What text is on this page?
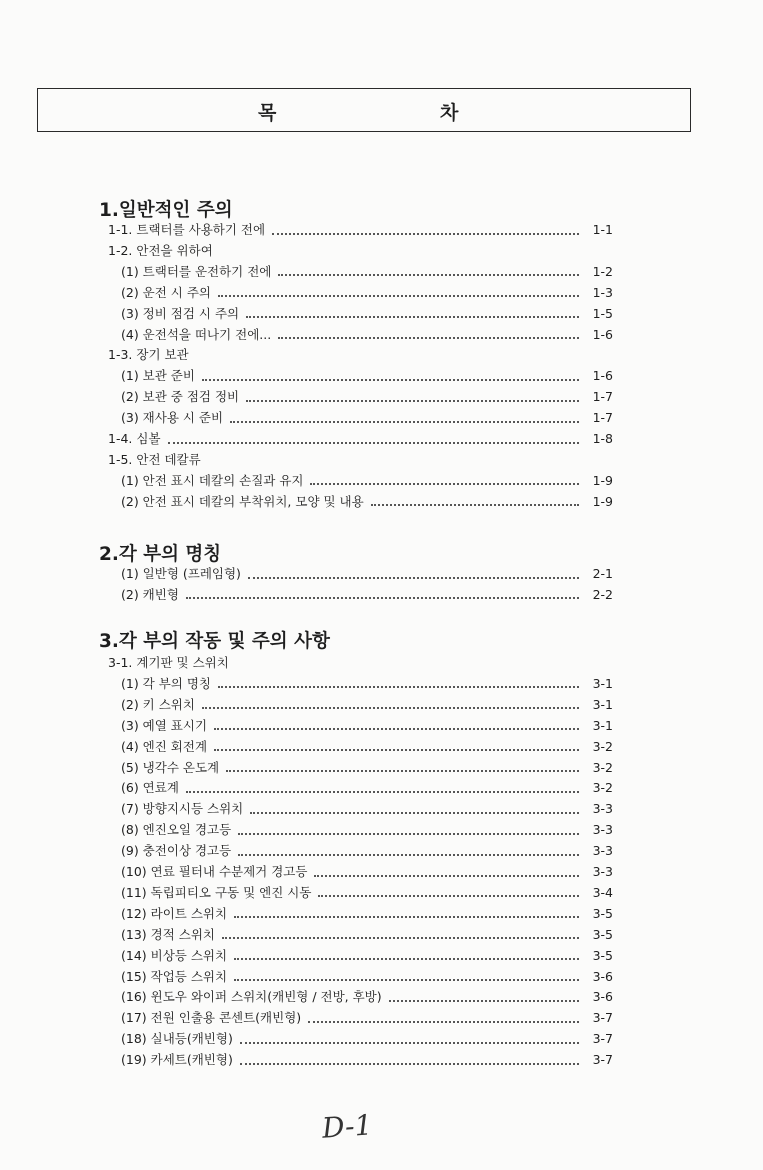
목	차
1.일반적인 주의
1-1. 트랙터를 사용하기 전에	1-1
1-2. 안전을 위하여
(1) 트랙터를 운전하기 전에	1-2
(2) 운전 시 주의	1-3
(3) 정비 점검 시 주의	1-5
(4) 운전석을 떠나기 전에...	1-6
1-3. 장기 보관
(1) 보관 준비	1-6
(2) 보관 중 점검 정비	1-7
(3) 재사용 시 준비	1-7
1-4. 심볼	1-8
1-5. 안전 데칼류
(1) 안전 표시 데칼의 손질과 유지	1-9
(2) 안전 표시 데칼의 부착위치, 모양 및 내용	1-9
2.각 부의 명칭
(1) 일반형 (프레임형)	2-1
(2) 캐빈형	2-2
3.각 부의 작동 및 주의 사항
3-1. 계기판 및 스위치
(1) 각 부의 명칭	3-1
(2) 키 스위치	3-1
(3) 예열 표시기	3-1
(4) 엔진 회전계	3-2
(5) 냉각수 온도계	3-2
(6) 연료계	3-2
(7) 방향지시등 스위치	3-3
(8) 엔진오일 경고등	3-3
(9) 충전이상 경고등	3-3
(10) 연료 필터내 수분제거 경고등	3-3
(11) 독립피티오 구동 및 엔진 시동	3-4
(12) 라이트 스위치	3-5
(13) 경적 스위치	3-5
(14) 비상등 스위치	3-5
(15) 작업등 스위치	3-6
(16) 윈도우 와이퍼 스위치(캐빈형 / 전방, 후방)	3-6
(17) 전원 인출용 콘센트(캐빈형)	3-7
(18) 실내등(캐빈형)	3-7
(19) 카세트(캐빈형)	3-7
D-1
